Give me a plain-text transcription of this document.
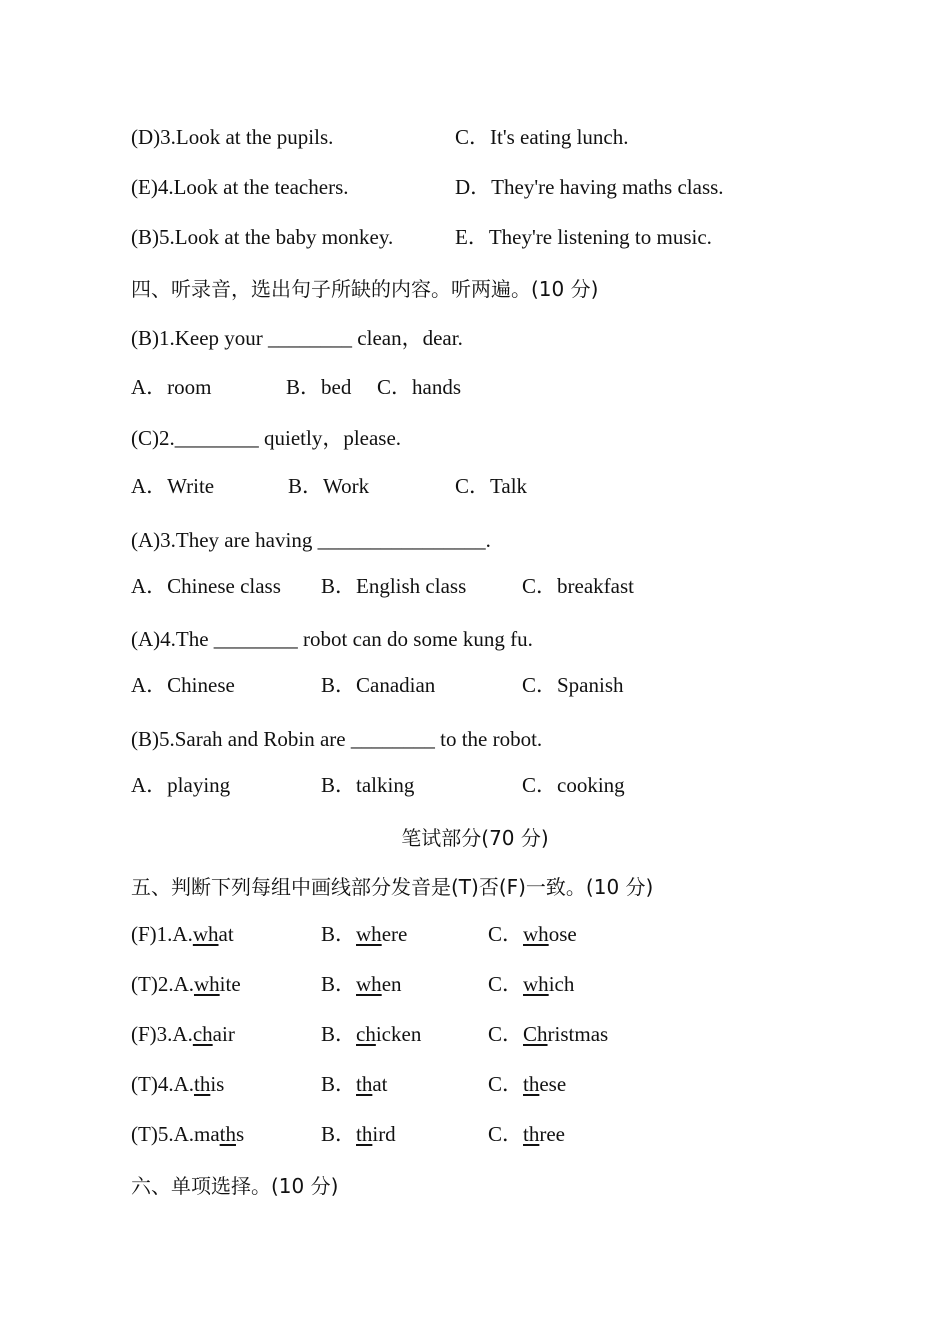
(D)3.Look at the pupils.	C．It's eating lunch.
(E)4.Look at the teachers.	D．They're having maths class.
(B)5.Look at the baby monkey.	E．They're listening to music.
四、听录音，选出句子所缺的内容。听两遍。(10 分)
(B)1.Keep your ________ clean，dear.
A．room	B．bed C．hands
(C)2.________ quietly，please.
A．Write	B．Work	C．Talk
(A)3.They are having ________________.
A．Chinese class B．English class	C．breakfast
(A)4.The ________ robot can do some kung fu.
A．Chinese	B．Canadian	C．Spanish
(B)5.Sarah and Robin are ________ to the robot.
A．playing	B．talking	C．cooking
笔试部分(70 分)
五、判断下列每组中画线部分发音是(T)否(F)一致。(10 分)
(F)1.A.what	B．where	C．whose
(T)2.A.white	B．when	C．which
(F)3.A.chair	B．chicken	C．Christmas
(T)4.A.this	B．that	C．these
(T)5.A.maths	B．third	C．three
六、单项选择。(10 分)
